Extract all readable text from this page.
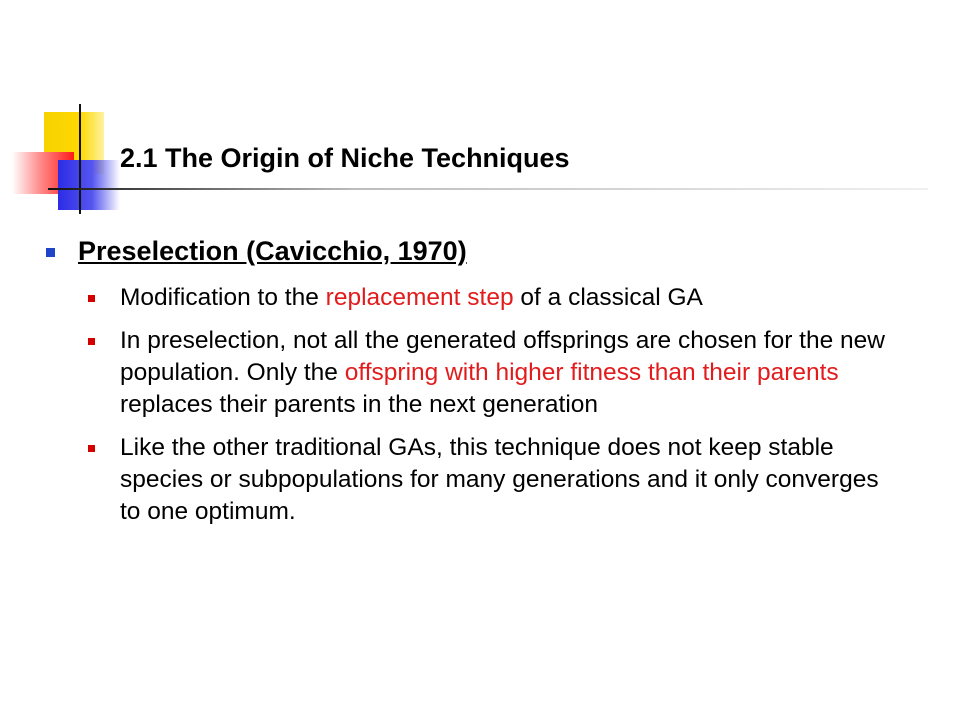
2.1 The Origin of Niche Techniques
Preselection (Cavicchio, 1970)
Modification to the replacement step of a classical GA
In preselection, not all the generated offsprings are chosen for the new population. Only the offspring with higher fitness than their parents replaces their parents in the next generation
Like the other traditional GAs, this technique does not keep stable species or subpopulations for many generations and it only converges to one optimum.
